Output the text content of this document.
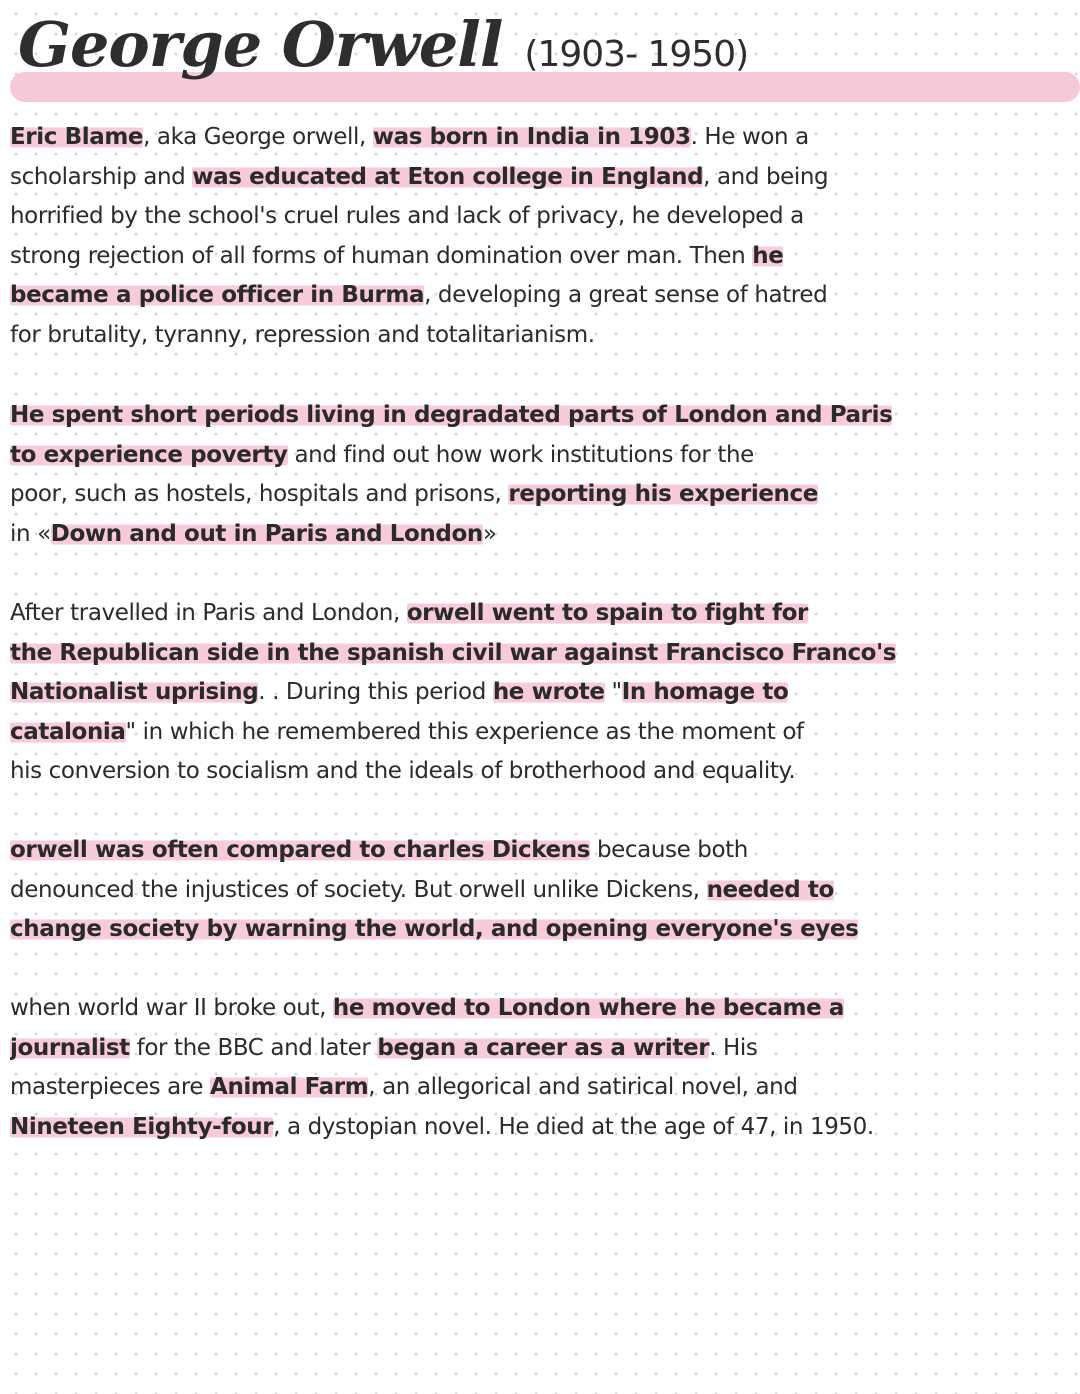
George Orwell (1903- 1950)
Eric Blame, aka George orwell, was born in India in 1903. He won a
scholarship and was educated at Eton college in England, and being
horrified by the school's cruel rules and lack of privacy, he developed a
strong rejection of all forms of human domination over man. Then he
became a police officer in Burma, developing a great sense of hatred
for brutality, tyranny, repression and totalitarianism.
He spent short periods living in degradated parts of London and Paris
to experience poverty and find out how work institutions for the
poor, such as hostels, hospitals and prisons, reporting his experience
in «Down and out in Paris and London»
After travelled in Paris and London, orwell went to spain to fight for
the Republican side in the spanish civil war against Francisco Franco's
Nationalist uprising. . During this period he wrote "In homage to
catalonia" in which he remembered this experience as the moment of
his conversion to socialism and the ideals of brotherhood and equality.
orwell was often compared to charles Dickens because both
denounced the injustices of society. But orwell unlike Dickens, needed to
change society by warning the world, and opening everyone's eyes
when world war II broke out, he moved to London where he became a
journalist for the BBC and later began a career as a writer. His
masterpieces are Animal Farm, an allegorical and satirical novel, and
Nineteen Eighty-four, a dystopian novel. He died at the age of 47, in 1950.
